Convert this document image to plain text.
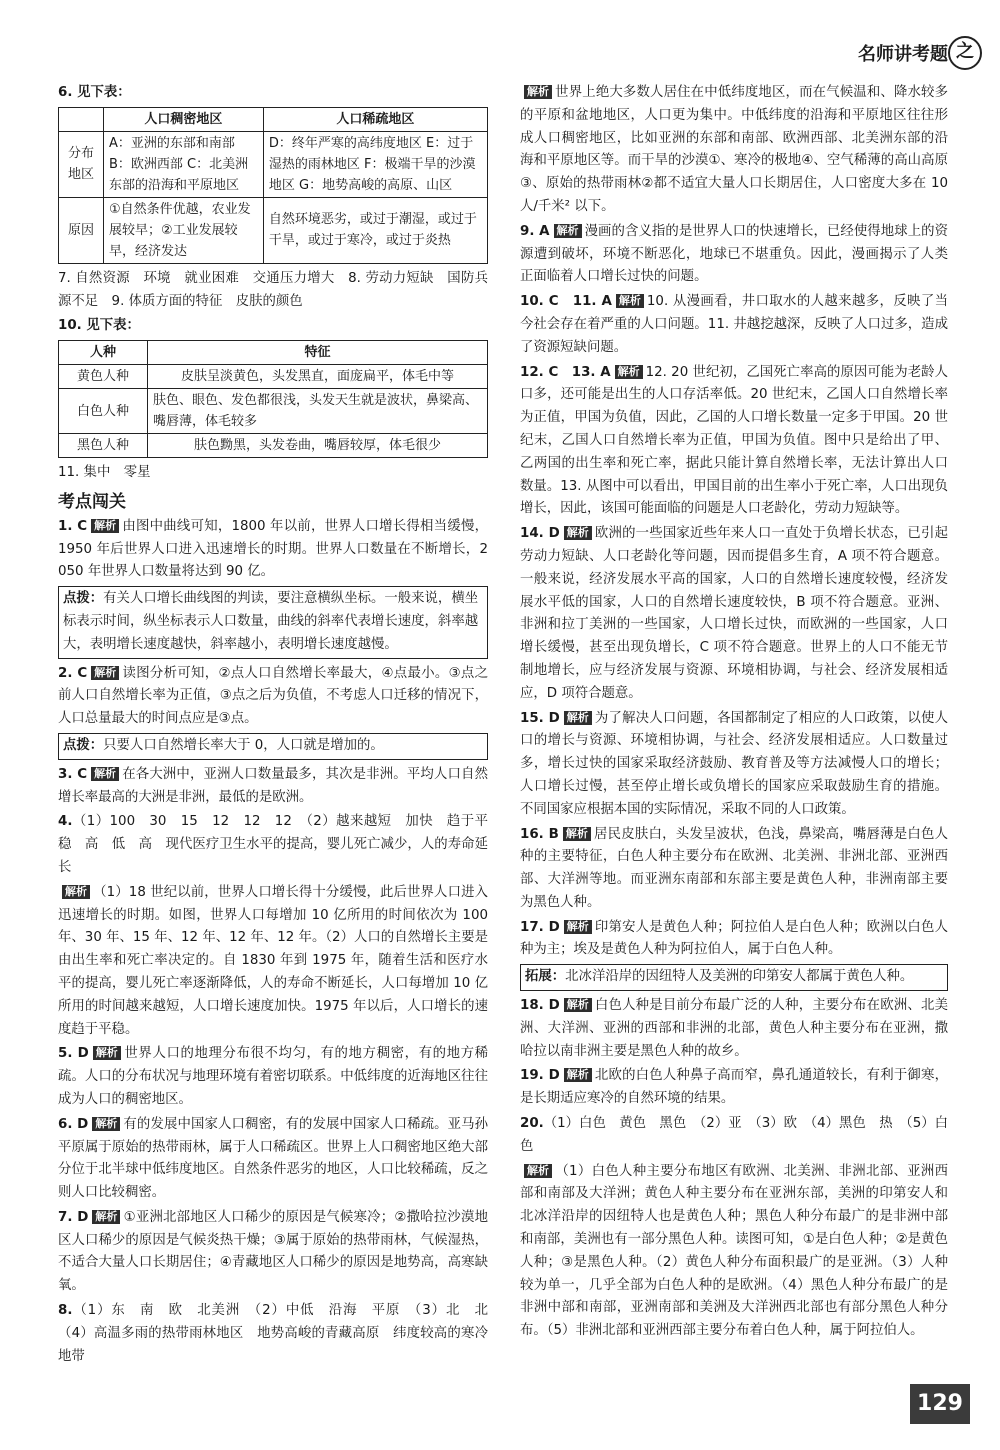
名师讲考题 之
6. 见下表：
	人口稠密地区	人口稀疏地区
分布地区	A：亚洲的东部和南部 B：欧洲西部 C：北美洲东部的沿海和平原地区	D：终年严寒的高纬度地区 E：过于湿热的雨林地区 F：极端干旱的沙漠地区 G：地势高峻的高原、山区
原因	①自然条件优越，农业发展较早；②工业发展较早，经济发达	自然环境恶劣，或过于潮湿，或过于干旱，或过于寒冷，或过于炎热
7. 自然资源　环境　就业困难　交通压力增大　8. 劳动力短缺　国防兵源不足　9. 体质方面的特征　皮肤的颜色
10. 见下表：
人种	特征
黄色人种	皮肤呈淡黄色，头发黑直，面庞扁平，体毛中等
白色人种	肤色、眼色、发色都很浅，头发天生就是波状，鼻梁高、嘴唇薄，体毛较多
黑色人种	肤色黝黑，头发卷曲，嘴唇较厚，体毛很少
11. 集中　零星
考点闯关
1. C 解析 由图中曲线可知，1800 年以前，世界人口增长得相当缓慢，1950 年后世界人口进入迅速增长的时期。世界人口数量在不断增长，2050 年世界人口数量将达到 90 亿。
点拨：有关人口增长曲线图的判读，要注意横纵坐标。一般来说，横坐标表示时间，纵坐标表示人口数量，曲线的斜率代表增长速度，斜率越大，表明增长速度越快，斜率越小，表明增长速度越慢。
2. C 解析 读图分析可知，②点人口自然增长率最大，④点最小。③点之前人口自然增长率为正值，③点之后为负值，不考虑人口迁移的情况下，人口总量最大的时间点应是③点。
点拨：只要人口自然增长率大于 0，人口就是增加的。
3. C 解析 在各大洲中，亚洲人口数量最多，其次是非洲。平均人口自然增长率最高的大洲是非洲，最低的是欧洲。
4.（1）100　30　15　12　12　12　（2）越来越短　加快　趋于平稳　高　低　高　现代医疗卫生水平的提高，婴儿死亡减少，人的寿命延长
解析 （1）18 世纪以前，世界人口增长得十分缓慢，此后世界人口进入迅速增长的时期。如图，世界人口每增加 10 亿所用的时间依次为 100 年、30 年、15 年、12 年、12 年、12 年。（2）人口的自然增长主要是由出生率和死亡率决定的。自 1830 年到 1975 年，随着生活和医疗水平的提高，婴儿死亡率逐渐降低，人的寿命不断延长，人口每增加 10 亿所用的时间越来越短，人口增长速度加快。1975 年以后，人口增长的速度趋于平稳。
5. D 解析 世界人口的地理分布很不均匀，有的地方稠密，有的地方稀疏。人口的分布状况与地理环境有着密切联系。中低纬度的近海地区往往成为人口的稠密地区。
6. D 解析 有的发展中国家人口稠密，有的发展中国家人口稀疏。亚马孙平原属于原始的热带雨林，属于人口稀疏区。世界上人口稠密地区绝大部分位于北半球中低纬度地区。自然条件恶劣的地区，人口比较稀疏，反之则人口比较稠密。
7. D 解析 ①亚洲北部地区人口稀少的原因是气候寒冷；②撒哈拉沙漠地区人口稀少的原因是气候炎热干燥；③属于原始的热带雨林，气候湿热，不适合大量人口长期居住；④青藏地区人口稀少的原因是地势高，高寒缺氧。
8.（1）东　南　欧　北美洲　（2）中低　沿海　平原　（3）北　北　（4）高温多雨的热带雨林地区　地势高峻的青藏高原　纬度较高的寒冷地带
解析 世界上绝大多数人居住在中低纬度地区，而在气候温和、降水较多的平原和盆地地区，人口更为集中。中低纬度的沿海和平原地区往往形成人口稠密地区，比如亚洲的东部和南部、欧洲西部、北美洲东部的沿海和平原地区等。而干旱的沙漠①、寒冷的极地④、空气稀薄的高山高原③、原始的热带雨林②都不适宜大量人口长期居住，人口密度大多在 10 人/千米² 以下。
9. A 解析 漫画的含义指的是世界人口的快速增长，已经使得地球上的资源遭到破坏，环境不断恶化，地球已不堪重负。因此，漫画揭示了人类正面临着人口增长过快的问题。
10. C　11. A 解析 10. 从漫画看，井口取水的人越来越多，反映了当今社会存在着严重的人口问题。11. 井越挖越深，反映了人口过多，造成了资源短缺问题。
12. C　13. A 解析 12. 20 世纪初，乙国死亡率高的原因可能为老龄人口多，还可能是出生的人口存活率低。20 世纪末，乙国人口自然增长率为正值，甲国为负值，因此，乙国的人口增长数量一定多于甲国。20 世纪末，乙国人口自然增长率为正值，甲国为负值。图中只是给出了甲、乙两国的出生率和死亡率，据此只能计算自然增长率，无法计算出人口数量。13. 从图中可以看出，甲国目前的出生率小于死亡率，人口出现负增长，因此，该国可能面临的问题是人口老龄化，劳动力短缺等。
14. D 解析 欧洲的一些国家近些年来人口一直处于负增长状态，已引起劳动力短缺、人口老龄化等问题，因而提倡多生育，A 项不符合题意。一般来说，经济发展水平高的国家，人口的自然增长速度较慢，经济发展水平低的国家，人口的自然增长速度较快，B 项不符合题意。亚洲、非洲和拉丁美洲的一些国家，人口增长过快，而欧洲的一些国家，人口增长缓慢，甚至出现负增长，C 项不符合题意。世界上的人口不能无节制地增长，应与经济发展与资源、环境相协调，与社会、经济发展相适应，D 项符合题意。
15. D 解析 为了解决人口问题，各国都制定了相应的人口政策，以使人口的增长与资源、环境相协调，与社会、经济发展相适应。人口数量过多，增长过快的国家采取经济鼓励、教育普及等方法减慢人口的增长；人口增长过慢，甚至停止增长或负增长的国家应采取鼓励生育的措施。不同国家应根据本国的实际情况，采取不同的人口政策。
16. B 解析 居民皮肤白，头发呈波状，色浅，鼻梁高，嘴唇薄是白色人种的主要特征，白色人种主要分布在欧洲、北美洲、非洲北部、亚洲西部、大洋洲等地。而亚洲东南部和东部主要是黄色人种，非洲南部主要为黑色人种。
17. D 解析 印第安人是黄色人种；阿拉伯人是白色人种；欧洲以白色人种为主；埃及是黄色人种为阿拉伯人，属于白色人种。
拓展：北冰洋沿岸的因纽特人及美洲的印第安人都属于黄色人种。
18. D 解析 白色人种是目前分布最广泛的人种，主要分布在欧洲、北美洲、大洋洲、亚洲的西部和非洲的北部，黄色人种主要分布在亚洲，撒哈拉以南非洲主要是黑色人种的故乡。
19. D 解析 北欧的白色人种鼻子高而窄，鼻孔通道较长，有利于御寒，是长期适应寒冷的自然环境的结果。
20.（1）白色　黄色　黑色　（2）亚　（3）欧　（4）黑色　热　（5）白色
解析 （1）白色人种主要分布地区有欧洲、北美洲、非洲北部、亚洲西部和南部及大洋洲；黄色人种主要分布在亚洲东部，美洲的印第安人和北冰洋沿岸的因纽特人也是黄色人种；黑色人种分布最广的是非洲中部和南部，美洲也有一部分黑色人种。读图可知，①是白色人种；②是黄色人种；③是黑色人种。（2）黄色人种分布面积最广的是亚洲。（3）人种较为单一，几乎全部为白色人种的是欧洲。（4）黑色人种分布最广的是非洲中部和南部，亚洲南部和美洲及大洋洲西北部也有部分黑色人种分布。（5）非洲北部和亚洲西部主要分布着白色人种，属于阿拉伯人。
129
